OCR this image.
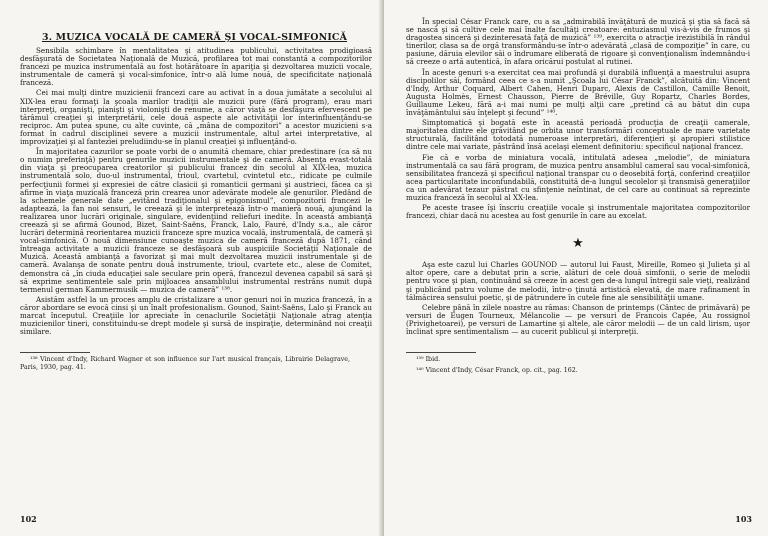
3. MUZICA VOCALĂ DE CAMERĂ ŞI VOCAL-SIMFONICĂ

Sensibila schimbare în mentalitatea şi atitudinea publicului, activitatea prodigioasă desfăşurată de Societatea Naţională de Muzică, profilarea tot mai constantă a compozitorilor francezi pe muzica instrumentală au fost hotărâtoare în apariţia şi dezvoltarea muzicii vocale, instrumentale de cameră şi vocal-simfonice, într-o ală lume nouă, de specificitate naţională franceză.

Cei mai mulţi dintre muzicienii francezi care au activat în a doua jumătate a secolului al XIX-lea erau formaţi la şcoala marilor tradiţii ale muzicii pure (fără program), erau mari interpreţi, organişti, pianişti şi violonişti de renume, a căror viaţă se desfăşura efervescent pe tărâmul creaţiei şi interpretării, cele două aspecte ale activităţii lor interinfluenţându-se reciproc. Am putea spune, cu alte cuvinte, că „mâna de compozitori” a acestor muzicieni s-a format în cadrul disciplinei severe a muzicii instrumentale, altul artei interpretative, al improvizaţiei şi al fanteziei preludiindu-se în planul creaţiei şi influenţând-o.

În majoritatea cazurilor se poate vorbi de o anumită chemare, chiar predestinare (ca să nu o numim preferinţă) pentru genurile muzicii instrumentale şi de cameră. Absenţa evast-totală din viaţa şi preocuparea creatorilor şi publicului francez din secolul al XIX-lea, muzica instrumentală solo, duo-ul instrumental, trioul, cvartetul, cvintetul etc., ridicate pe culmile perfecţiunii formei şi expresiei de către clasicii şi romanticii germani şi austrieci, făcea ca şi afirme în viaţa muzicală franceză prin crearea unor adevărate modele ale genurilor. Pledând de la schemele generale date „evitând tradiţionalul şi epigonismul”, compozitorii francezi le adaptează, la fan noi sensuri, le creează şi le interpretează într-o manieră nouă, ajungând la realizarea unor lucrări originale, singulare, evidenţiind reliefuri inedite. În această ambianţă creează şi se afirmă Gounod, Bizet, Saint-Saëns, Franck, Lalo, Fauré, d'Indy s.a., ale căror lucrări determină reorientarea muzicii franceze spre muzica vocală, instrumentală, de cameră şi vocal-simfonică. O nouă dimensiune cunoaşte muzica de cameră franceză după 1871, când întreaga activitate a muzicii franceze se desfăşoară sub auspiciile Societăţii Naţionale de Muzică. Această ambianţă a favorizat şi mai mult dezvoltarea muzicii instrumentale şi de cameră. Avalanşa de sonate pentru două instrumente, trioul, cvartete etc., alese de Comitet, demonstra că „în ciuda educaţiei sale seculare prin operă, francezul devenea capabil să sară şi să exprime sentimentele sale prin mijloacea ansamblului instrumental restrâns numit după termenul german Kammermusik — muzica de cameră” ¹³⁸.

Asistăm astfel la un proces amplu de cristalizare a unor genuri noi în muzica franceză, în a căror abordare se evocă cinsi şi un înalt profesionalism. Gounod, Saint-Saëns, Lalo şi Franck au marcat începutul. Creaţiile lor apreciate în cenaclurile Societăţii Naţionale atrag atenţia muzicienilor tineri, constituindu-se drept modele şi sursă de inspiraţie, determinând noi creaţii similare.

¹³⁸ Vincent d'Indy, Richard Wagner et son influence sur l'art musical français, Librairie Delagrave, Paris, 1930, pag. 41.

102

În special César Franck care, cu a sa „admirabilă învăţătură de muzică şi ştia să facă să se nască şi să cultive cele mai înalte facultăţi creatoare: entuziasmul vis-à-vis de frumos şi dragostea sinceră şi dezinteresată faţă de muzică” ¹³⁹, exercita o atracţie irezistibilă în rândul tinerilor, clasa sa de orgă transformându-se într-o adevărată „clasă de compoziţie” în care, cu pasiune, dăruia elevilor săi o îndrumare eliberată de rigoare şi convenţionalism îndemnându-i să creeze o artă autentică, în afara oricărui postulat al rutinei.

În aceste genuri s-a exercitat cea mai profundă şi durabilă influenţă a maestrului asupra discipolilor săi, formând ceea ce s-a numit „Şcoala lui César Franck”, alcătuită din: Vincent d'Indy, Arthur Coquard, Albert Cahen, Henri Duparc, Alexis de Castillon, Camille Benoit, Augusta Holmès, Ernest Chausson, Pierre de Bréville, Guy Ropartz, Charles Bordes, Guillaume Lekeu, fără a-i mai numi pe mulţi alţii care „pretind că au bătut din cupa învăţământului său înţelept şi fecund” ¹⁴⁰.

Simptomatică şi bogată este în această perioadă producţia de creaţii camerale, majoritatea dintre ele grăvitând pe orbita unor transformări conceptuale de mare varietate structurală, facilitând totodată numeroase interpretări, diferenţieri şi apropieri stilistice dintre cele mai variate, păstrând însă acelaşi element definitoriu: specificul naţional francez.

Fie că e vorba de miniatura vocală, intitulată adesea „melodie”, de miniatura instrumentală ca sau fără program, de muzica pentru ansamblul cameral sau vocal-simfonică, sensibilitatea franceză şi specificul naţional transpar cu o deosebită forţă, conferind creaţiilor acea particularitate inconfundabilă, constituită de-a lungul secolelor şi transmisă generaţiilor ca un adevărat tezaur păstrat cu sfinţenie neîntinat, de cel care au continuat să reprezinte muzica franceză în secolul al XX-lea.

Pe aceste trasee îşi înscriu creaţiile vocale şi instrumentale majoritatea compozitorilor francezi, chiar dacă nu acestea au fost genurile în care au excelat.

★

Aşa este cazul lui Charles GOUNOD — autorul lui Faust, Mireille, Romeo şi Julieta şi al altor opere, care a debutat prin a scrie, alături de cele două simfonii, o serie de melodii pentru voce şi pian, continuând să creeze în acest gen de-a lungul întregii sale vieţi, realizând şi publicând patru volume de melodii, într-o ţinută artistică elevată, de mare rafinament în tălmăcirea sensului poetic, şi de pătrundere în cutele fine ale sensibilităţii umane.

Celebre până în zilele noastre au rămas: Chanson de printemps (Cântec de primăvară) pe versuri de Eugen Tourneux, Mélancolie — pe versuri de Francois Capée, Au rossignol (Privighetoarei), pe versuri de Lamartine şi altele, ale căror melodii — de un cald lirism, uşor înclinat spre sentimentalism — au cucerit publicul şi interpreţii.

¹³⁹ Ibid.

¹⁴⁰ Vincent d'Indy, César Franck, op. cit., pag. 162.

103
